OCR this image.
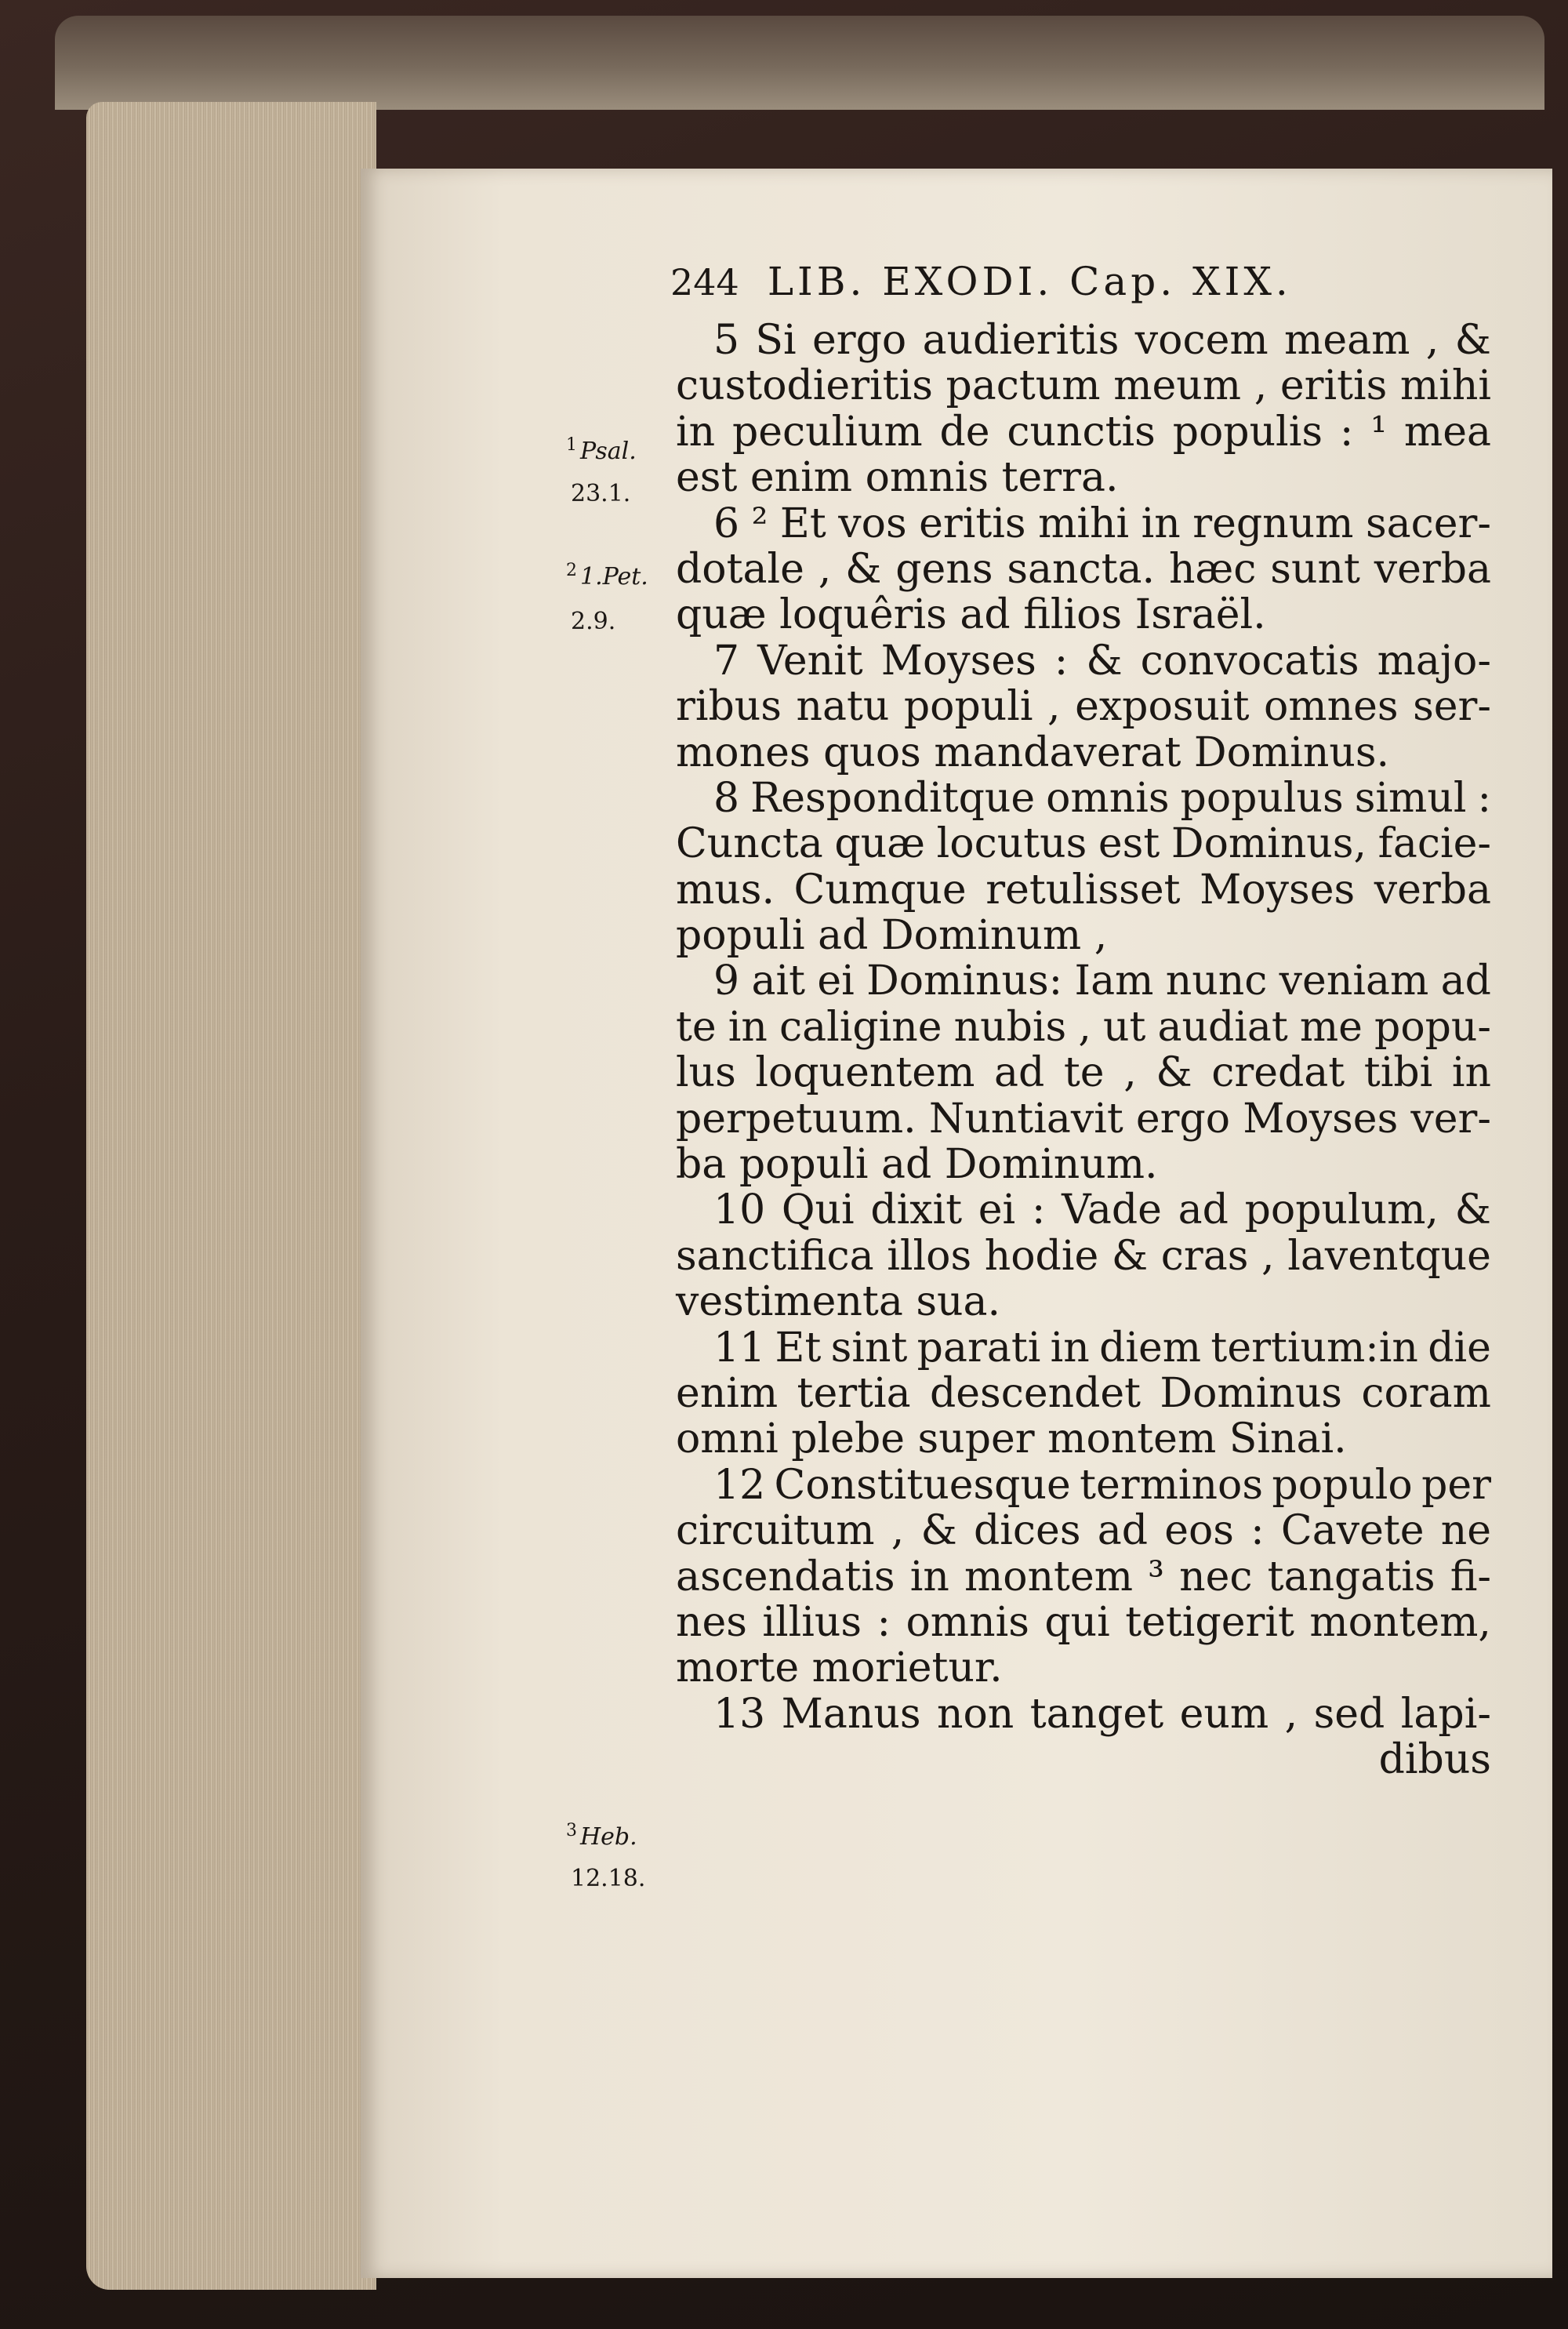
244 LIB. EXODI. Cap. XIX.
$^1$ Psal.
23.1.
$^2$ 1.Pet.
2.9.
$^3$ Heb.
12.18.
5 Si ergo audieritis vocem meam , &
custodieritis pactum meum , eritis mihi
in peculium de cunctis populis : ¹ mea
est enim omnis terra.
6 ² Et vos eritis mihi in regnum sacer-
dotale , & gens sancta. hæc sunt verba
quæ loquêris ad filios Israël.
7 Venit Moyses : & convocatis majo-
ribus natu populi , exposuit omnes ser-
mones quos mandaverat Dominus.
8 Responditque omnis populus simul :
Cuncta quæ locutus est Dominus, facie-
mus. Cumque retulisset Moyses verba
populi ad Dominum ,
9 ait ei Dominus: Iam nunc veniam ad
te in caligine nubis , ut audiat me popu-
lus loquentem ad te , & credat tibi in
perpetuum. Nuntiavit ergo Moyses ver-
ba populi ad Dominum.
10 Qui dixit ei : Vade ad populum, &
sanctifica illos hodie & cras , laventque
vestimenta sua.
11 Et sint parati in diem tertium:in die
enim tertia descendet Dominus coram
omni plebe super montem Sinai.
12 Constituesque terminos populo per
circuitum , & dices ad eos : Cavete ne
ascendatis in montem ³ nec tangatis fi-
nes illius : omnis qui tetigerit montem,
morte morietur.
13 Manus non tanget eum , sed lapi-
dibus
